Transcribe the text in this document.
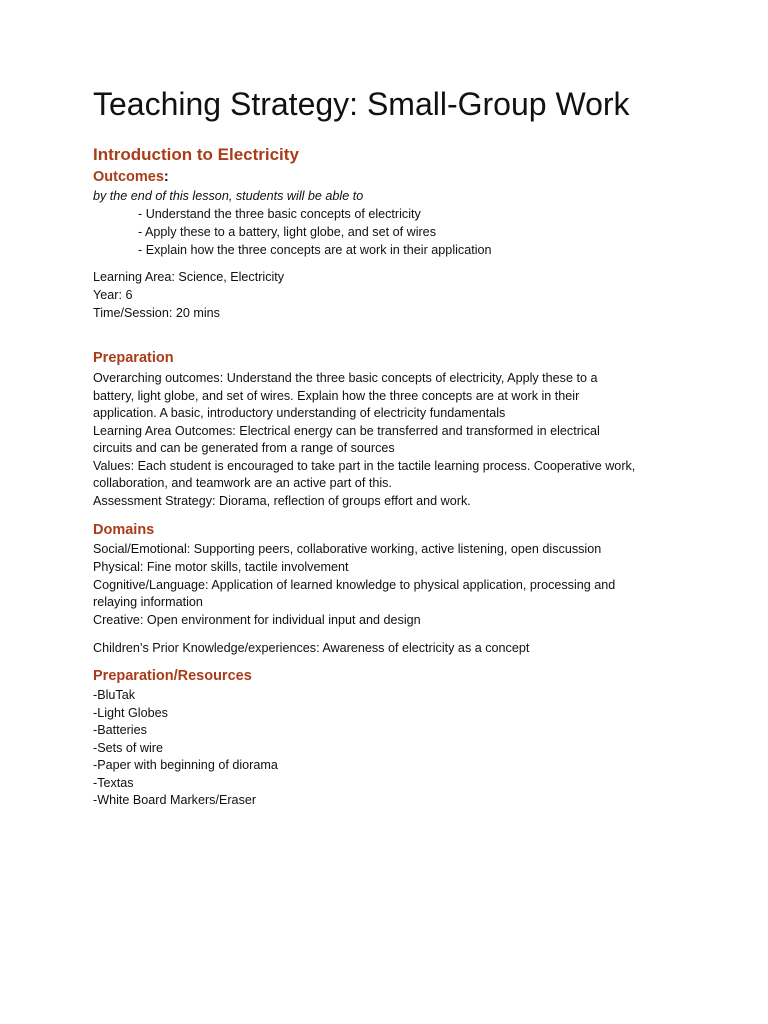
Teaching Strategy: Small-Group Work
Introduction to Electricity
Outcomes:

by the end of this lesson, students will be able to

- Understand the three basic concepts of electricity

- Apply these to a battery, light globe, and set of wires

- Explain how the three concepts are at work in their application

Learning Area: Science, Electricity

Year: 6

Time/Session: 20 mins

Preparation

Overarching outcomes: Understand the three basic concepts of electricity, Apply these to a

battery, light globe, and set of wires. Explain how the three concepts are at work in their

application. A basic, introductory understanding of electricity fundamentals

Learning Area Outcomes: Electrical energy can be transferred and transformed in electrical

circuits and can be generated from a range of sources

Values: Each student is encouraged to take part in the tactile learning process. Cooperative work,

collaboration, and teamwork are an active part of this.

Assessment Strategy: Diorama, reflection of groups effort and work.

Domains

Social/Emotional: Supporting peers, collaborative working, active listening, open discussion

Physical: Fine motor skills, tactile involvement

Cognitive/Language: Application of learned knowledge to physical application, processing and

relaying information

Creative: Open environment for individual input and design

Children’s Prior Knowledge/experiences: Awareness of electricity as a concept

Preparation/Resources

-BluTak

-Light Globes

-Batteries

-Sets of wire

-Paper with beginning of diorama

-Textas

-White Board Markers/Eraser
